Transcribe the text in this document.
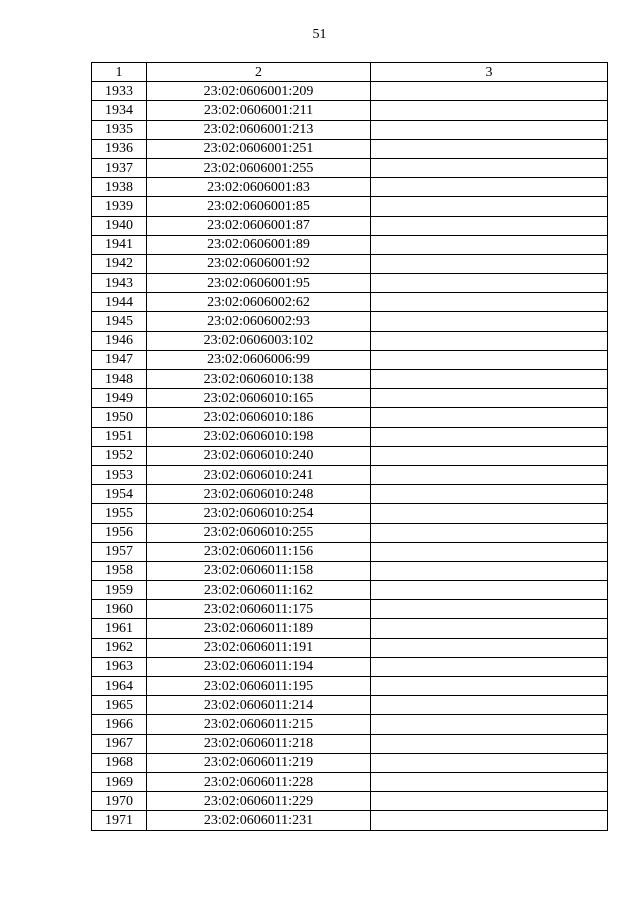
51
1	2	3
1933	23:02:0606001:209	
1934	23:02:0606001:211	
1935	23:02:0606001:213	
1936	23:02:0606001:251	
1937	23:02:0606001:255	
1938	23:02:0606001:83	
1939	23:02:0606001:85	
1940	23:02:0606001:87	
1941	23:02:0606001:89	
1942	23:02:0606001:92	
1943	23:02:0606001:95	
1944	23:02:0606002:62	
1945	23:02:0606002:93	
1946	23:02:0606003:102	
1947	23:02:0606006:99	
1948	23:02:0606010:138	
1949	23:02:0606010:165	
1950	23:02:0606010:186	
1951	23:02:0606010:198	
1952	23:02:0606010:240	
1953	23:02:0606010:241	
1954	23:02:0606010:248	
1955	23:02:0606010:254	
1956	23:02:0606010:255	
1957	23:02:0606011:156	
1958	23:02:0606011:158	
1959	23:02:0606011:162	
1960	23:02:0606011:175	
1961	23:02:0606011:189	
1962	23:02:0606011:191	
1963	23:02:0606011:194	
1964	23:02:0606011:195	
1965	23:02:0606011:214	
1966	23:02:0606011:215	
1967	23:02:0606011:218	
1968	23:02:0606011:219	
1969	23:02:0606011:228	
1970	23:02:0606011:229	
1971	23:02:0606011:231	
